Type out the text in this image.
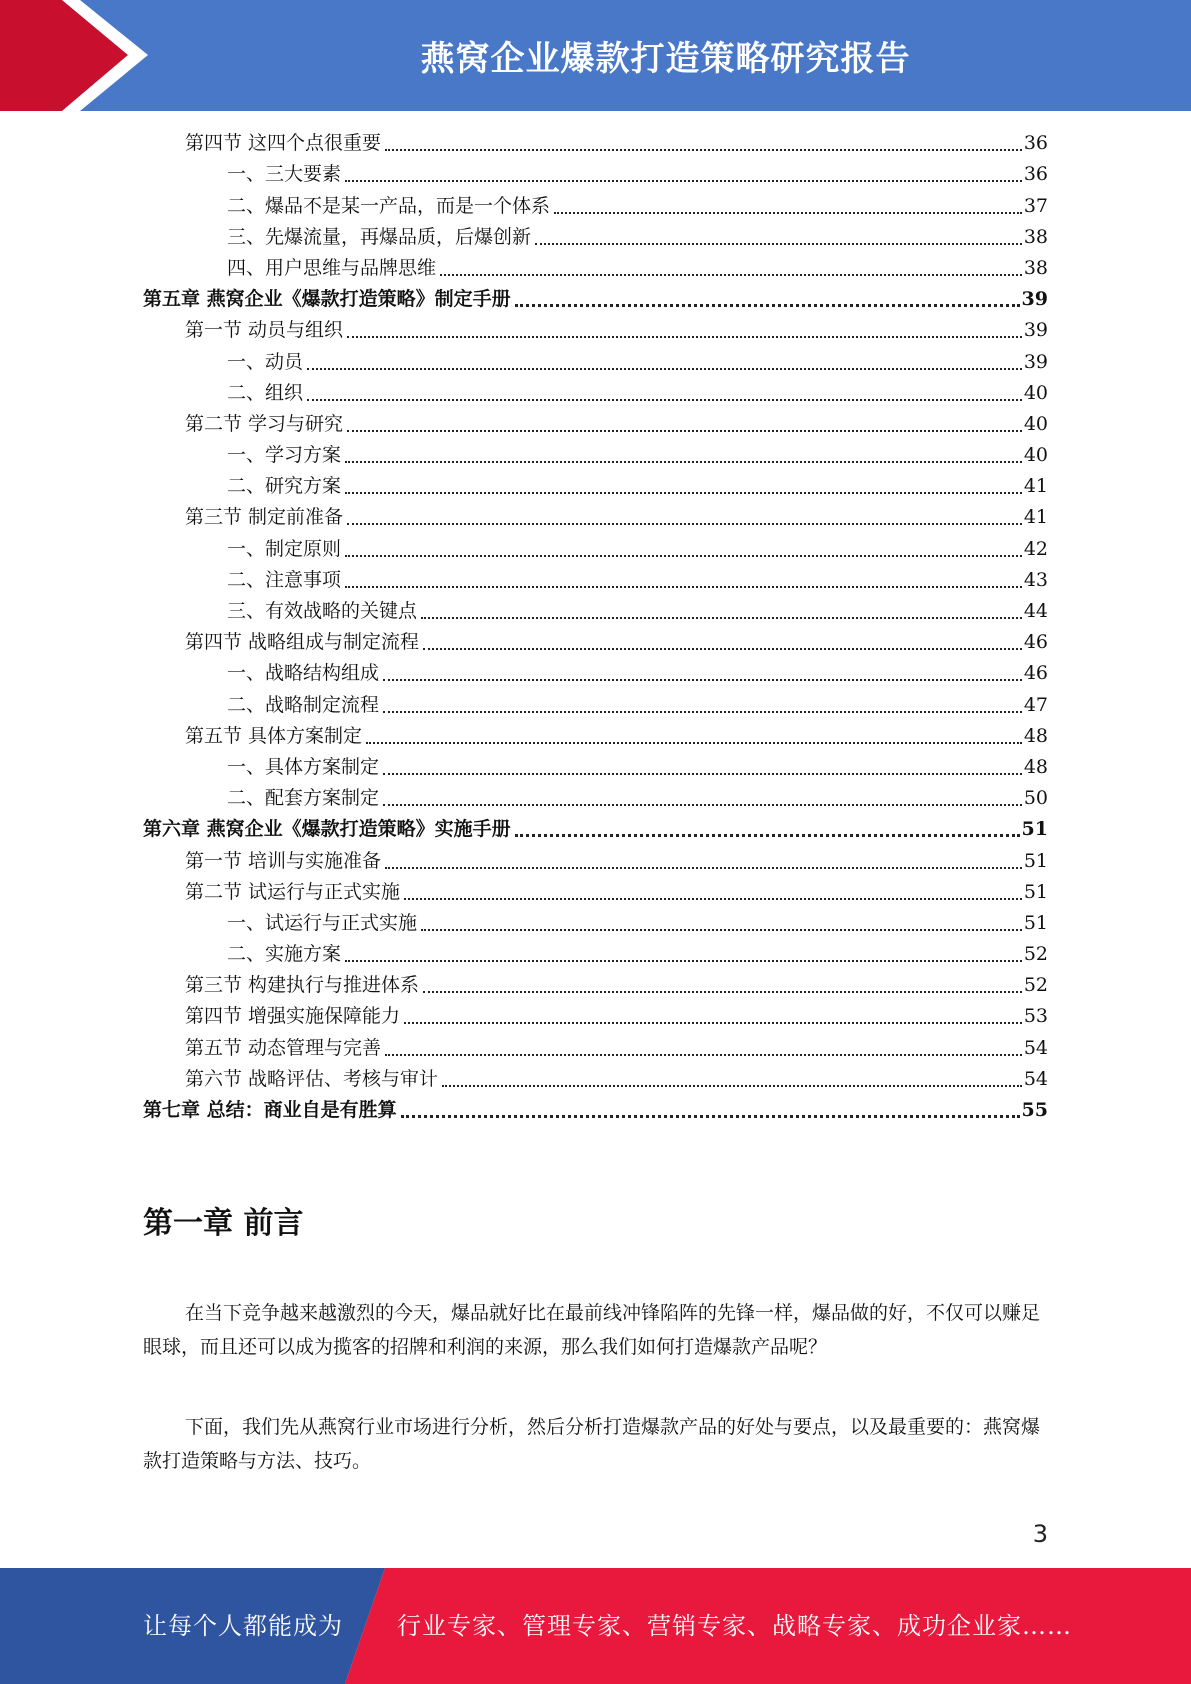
燕窝企业爆款打造策略研究报告
第四节 这四个点很重要	36
一、三大要素	36
二、爆品不是某一产品，而是一个体系	37
三、先爆流量，再爆品质，后爆创新	38
四、用户思维与品牌思维	38
第五章 燕窝企业《爆款打造策略》制定手册	39
第一节 动员与组织	39
一、动员	39
二、组织	40
第二节 学习与研究	40
一、学习方案	40
二、研究方案	41
第三节 制定前准备	41
一、制定原则	42
二、注意事项	43
三、有效战略的关键点	44
第四节 战略组成与制定流程	46
一、战略结构组成	46
二、战略制定流程	47
第五节 具体方案制定	48
一、具体方案制定	48
二、配套方案制定	50
第六章 燕窝企业《爆款打造策略》实施手册	51
第一节 培训与实施准备	51
第二节 试运行与正式实施	51
一、试运行与正式实施	51
二、实施方案	52
第三节 构建执行与推进体系	52
第四节 增强实施保障能力	53
第五节 动态管理与完善	54
第六节 战略评估、考核与审计	54
第七章 总结：商业自是有胜算	55
第一章 前言

在当下竞争越来越激烈的今天，爆品就好比在最前线冲锋陷阵的先锋一样，爆品做的好，不仅可以赚足眼球，而且还可以成为揽客的招牌和利润的来源，那么我们如何打造爆款产品呢？

下面，我们先从燕窝行业市场进行分析，然后分析打造爆款产品的好处与要点，以及最重要的：燕窝爆款打造策略与方法、技巧。

3
让每个人都能成为 行业专家、管理专家、营销专家、战略专家、成功企业家……
